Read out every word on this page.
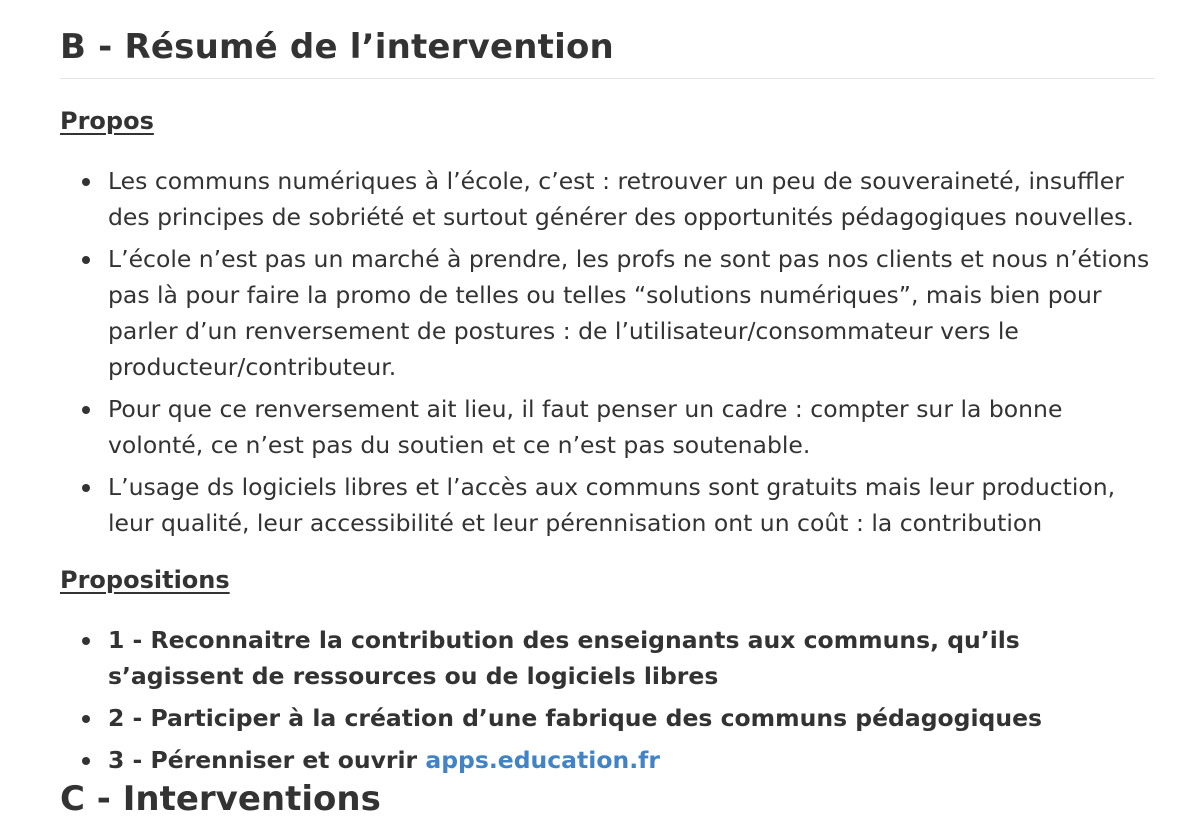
B - Résumé de l’intervention
Propos
Les communs numériques à l’école, c’est : retrouver un peu de souveraineté, insuffler des principes de sobriété et surtout générer des opportunités pédagogiques nouvelles.
L’école n’est pas un marché à prendre, les profs ne sont pas nos clients et nous n’étions pas là pour faire la promo de telles ou telles “solutions numériques”, mais bien pour parler d’un renversement de postures : de l’utilisateur/consommateur vers le producteur/contributeur.
Pour que ce renversement ait lieu, il faut penser un cadre : compter sur la bonne volonté, ce n’est pas du soutien et ce n’est pas soutenable.
L’usage ds logiciels libres et l’accès aux communs sont gratuits mais leur production, leur qualité, leur accessibilité et leur pérennisation ont un coût : la contribution
Propositions
1 - Reconnaitre la contribution des enseignants aux communs, qu’ils s’agissent de ressources ou de logiciels libres
2 - Participer à la création d’une fabrique des communs pédagogiques
3 - Pérenniser et ouvrir apps.education.fr
C - Interventions
